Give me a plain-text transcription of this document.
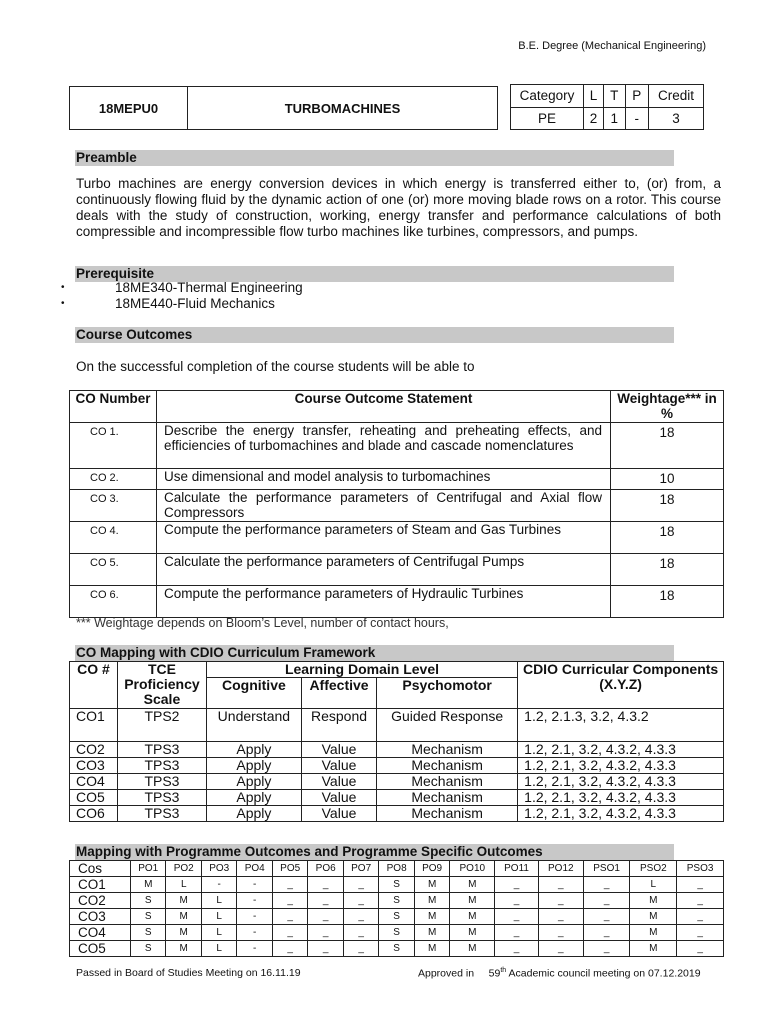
B.E. Degree (Mechanical Engineering)
18MEPU0	TURBOMACHINES
Category	L	T	P	Credit
PE	2	1	-	3
Preamble
Turbo machines are energy conversion devices in which energy is transferred either to, (or) from, a continuously flowing fluid by the dynamic action of one (or) more moving blade rows on a rotor. This course deals with the study of construction, working, energy transfer and performance calculations of both compressible and incompressible flow turbo machines like turbines, compressors, and pumps.
Prerequisite
• 18ME340-Thermal Engineering
• 18ME440-Fluid Mechanics
Course Outcomes
On the successful completion of the course students will be able to
CO Number	Course Outcome Statement	Weightage*** in %
CO 1.	Describe the energy transfer, reheating and preheating effects, and efficiencies of turbomachines and blade and cascade nomenclatures	18
CO 2.	Use dimensional and model analysis to turbomachines	10
CO 3.	Calculate the performance parameters of Centrifugal and Axial flow Compressors	18
CO 4.	Compute the performance parameters of Steam and Gas Turbines	18
CO 5.	Calculate the performance parameters of Centrifugal Pumps	18
CO 6.	Compute the performance parameters of Hydraulic Turbines	18
*** Weightage depends on Bloom’s Level, number of contact hours,
CO Mapping with CDIO Curriculum Framework
CO #	TCE Proficiency Scale	Learning Domain Level			CDIO Curricular Components (X.Y.Z)
		Cognitive	Affective	Psychomotor	
CO1	TPS2	Understand	Respond	Guided Response	1.2, 2.1.3, 3.2, 4.3.2
CO2	TPS3	Apply	Value	Mechanism	1.2, 2.1, 3.2, 4.3.2, 4.3.3
CO3	TPS3	Apply	Value	Mechanism	1.2, 2.1, 3.2, 4.3.2, 4.3.3
CO4	TPS3	Apply	Value	Mechanism	1.2, 2.1, 3.2, 4.3.2, 4.3.3
CO5	TPS3	Apply	Value	Mechanism	1.2, 2.1, 3.2, 4.3.2, 4.3.3
CO6	TPS3	Apply	Value	Mechanism	1.2, 2.1, 3.2, 4.3.2, 4.3.3
Mapping with Programme Outcomes and Programme Specific Outcomes
Cos	PO1	PO2	PO3	PO4	PO5	PO6	PO7	PO8	PO9	PO10	PO11	PO12	PSO1	PSO2	PSO3
CO1	M	L	-	-	_	_	_	S	M	M	_	_	_	L	_
CO2	S	M	L	-	_	_	_	S	M	M	_	_	_	M	_
CO3	S	M	L	-	_	_	_	S	M	M	_	_	_	M	_
CO4	S	M	L	-	_	_	_	S	M	M	_	_	_	M	_
CO5	S	M	L	-	_	_	_	S	M	M	_	_	_	M	_
Passed in Board of Studies Meeting on 16.11.19	Approved in 59th Academic council meeting on 07.12.2019
